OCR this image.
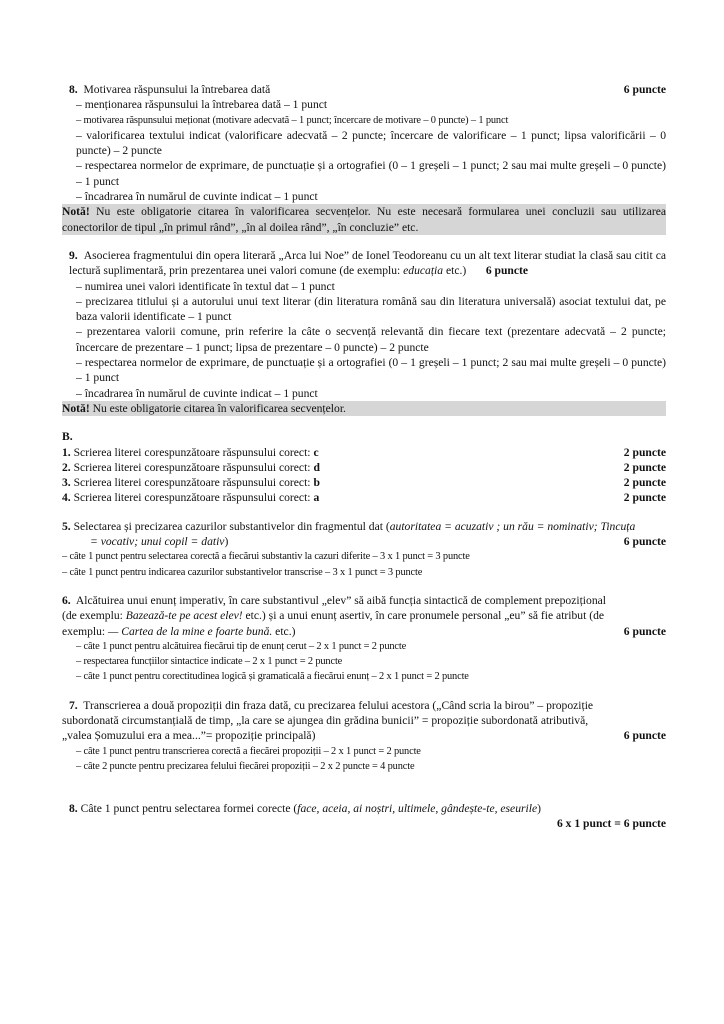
8. Motivarea răspunsului la întrebarea dată	6 puncte
– menționarea răspunsului la întrebarea dată – 1 punct
– motivarea răspunsului meționat (motivare adecvată – 1 punct; încercare de motivare – 0 puncte) – 1 punct
– valorificarea textului indicat (valorificare adecvată – 2 puncte; încercare de valorificare – 1 punct; lipsa valorificării – 0 puncte) – 2 puncte
– respectarea normelor de exprimare, de punctuație și a ortografiei (0 – 1 greșeli – 1 punct; 2 sau mai multe greșeli – 0 puncte) – 1 punct
– încadrarea în numărul de cuvinte indicat – 1 punct
Notă! Nu este obligatorie citarea în valorificarea secvențelor. Nu este necesară formularea unei concluzii sau utilizarea conectorilor de tipul „în primul rând”, „în al doilea rând”, „în concluzie” etc.
9. Asocierea fragmentului din opera literară „Arca lui Noe” de Ionel Teodoreanu cu un alt text literar studiat la clasă sau citit ca lectură suplimentară, prin prezentarea unei valori comune (de exemplu: educația etc.) 6 puncte
– numirea unei valori identificate în textul dat – 1 punct
– precizarea titlului și a autorului unui text literar (din literatura română sau din literatura universală) asociat textului dat, pe baza valorii identificate – 1 punct
– prezentarea valorii comune, prin referire la câte o secvență relevantă din fiecare text (prezentare adecvată – 2 puncte; încercare de prezentare – 1 punct; lipsa de prezentare – 0 puncte) – 2 puncte
– respectarea normelor de exprimare, de punctuație și a ortografiei (0 – 1 greșeli – 1 punct; 2 sau mai multe greșeli – 0 puncte) – 1 punct
– încadrarea în numărul de cuvinte indicat – 1 punct
Notă! Nu este obligatorie citarea în valorificarea secvențelor.
B.
1. Scrierea literei corespunzătoare răspunsului corect: c	2 puncte
2. Scrierea literei corespunzătoare răspunsului corect: d	2 puncte
3. Scrierea literei corespunzătoare răspunsului corect: b	2 puncte
4. Scrierea literei corespunzătoare răspunsului corect: a	2 puncte
5. Selectarea și precizarea cazurilor substantivelor din fragmentul dat (autoritatea = acuzativ ; un rău = nominativ; Tincuța
= vocativ; unui copil = dativ)	6 puncte
– câte 1 punct pentru selectarea corectă a fiecărui substantiv la cazuri diferite – 3 x 1 punct = 3 puncte
– câte 1 punct pentru indicarea cazurilor substantivelor transcrise – 3 x 1 punct = 3 puncte
6. Alcătuirea unui enunț imperativ, în care substantivul „elev” să aibă funcția sintactică de complement prepozițional
(de exemplu: Bazează-te pe acest elev! etc.) și a unui enunț asertiv, în care pronumele personal „eu” să fie atribut (de
exemplu: — Cartea de la mine e foarte bună. etc.)	6 puncte
– câte 1 punct pentru alcătuirea fiecărui tip de enunț cerut – 2 x 1 punct = 2 puncte
– respectarea funcțiilor sintactice indicate – 2 x 1 punct = 2 puncte
– câte 1 punct pentru corectitudinea logică și gramaticală a fiecărui enunț – 2 x 1 punct = 2 puncte
7. Transcrierea a două propoziții din fraza dată, cu precizarea felului acestora („Când scria la birou” – propoziție
subordonată circumstanțială de timp, „la care se ajungea din grădina bunicii” = propoziție subordonată atributivă,
„valea Șomuzului era a mea...”= propoziție principală)	6 puncte
– câte 1 punct pentru transcrierea corectă a fiecărei propoziții – 2 x 1 punct = 2 puncte
– câte 2 puncte pentru precizarea felului fiecărei propoziții – 2 x 2 puncte = 4 puncte
8. Câte 1 punct pentru selectarea formei corecte (face, aceia, ai noștri, ultimele, gândește-te, eseurile)
6 x 1 punct = 6 puncte
